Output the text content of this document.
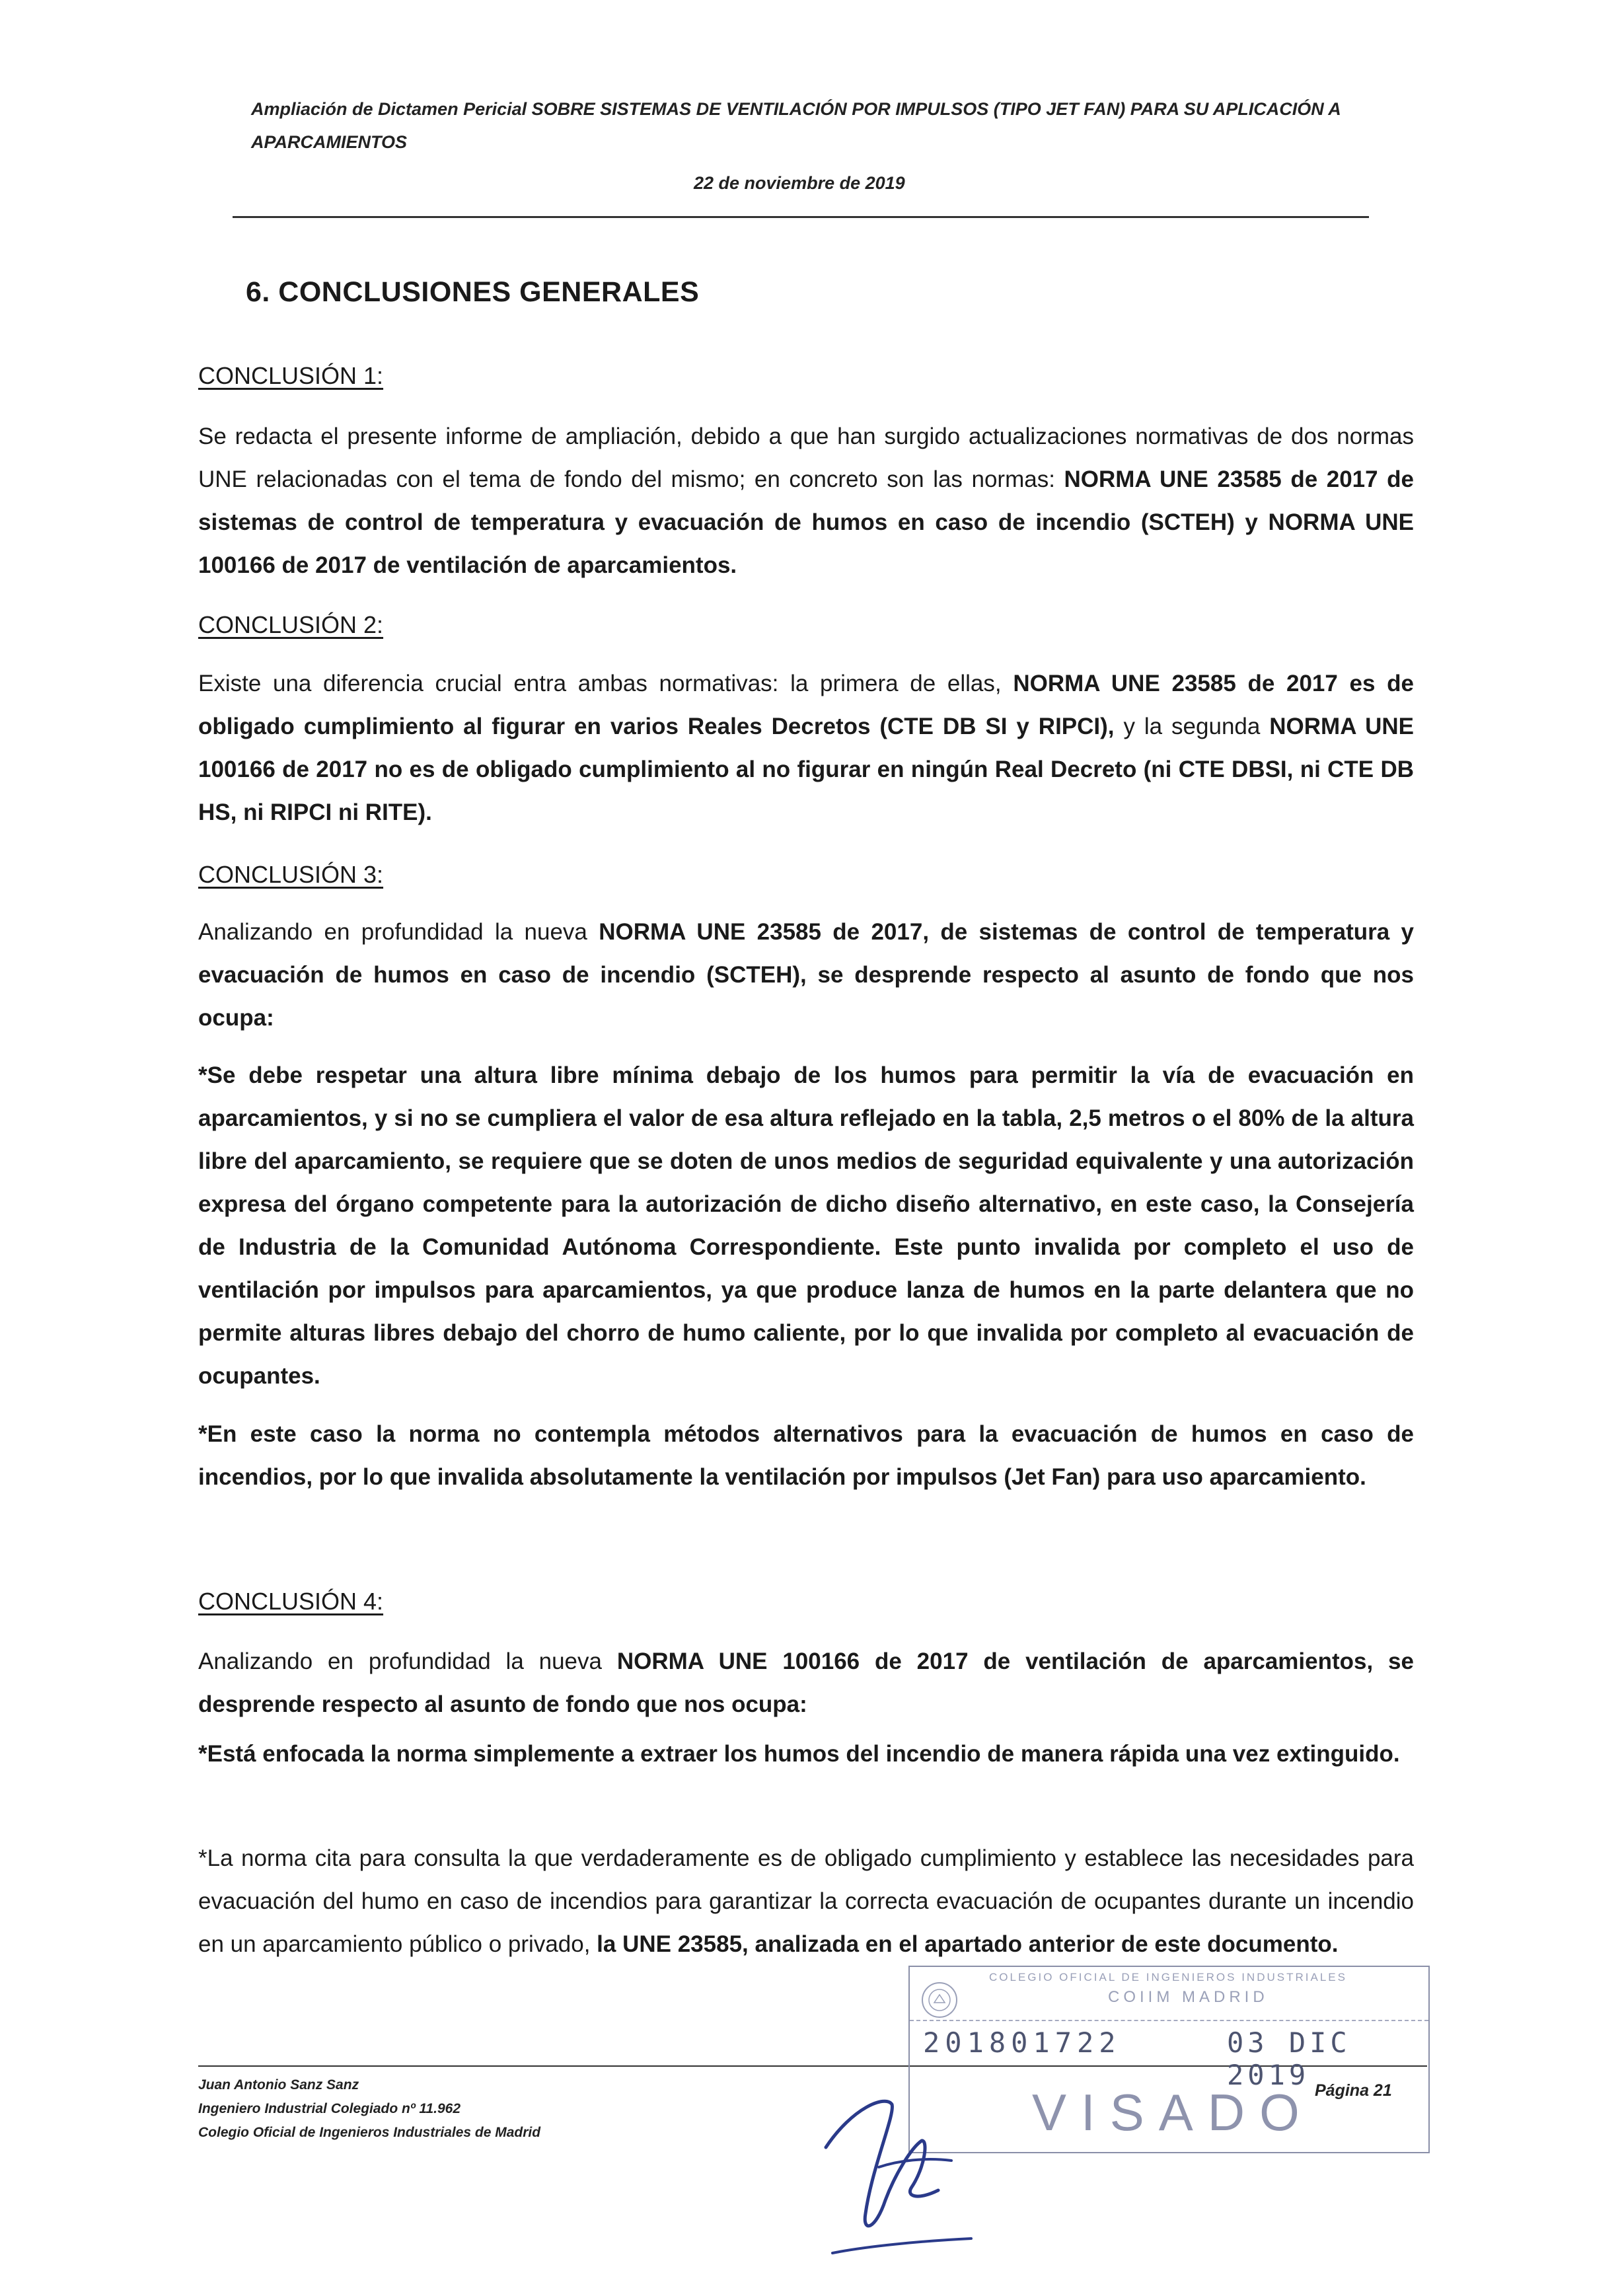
Ampliación de Dictamen Pericial SOBRE SISTEMAS DE VENTILACIÓN POR IMPULSOS (TIPO JET FAN) PARA SU APLICACIÓN A APARCAMIENTOS
22 de noviembre de 2019
6. CONCLUSIONES GENERALES
CONCLUSIÓN 1:
Se redacta el presente informe de ampliación, debido a que han surgido actualizaciones normativas de dos normas UNE relacionadas con el tema de fondo del mismo; en concreto son las normas: NORMA UNE 23585 de 2017 de sistemas de control de temperatura y evacuación de humos en caso de incendio (SCTEH) y NORMA UNE 100166 de 2017 de ventilación de aparcamientos.
CONCLUSIÓN 2:
Existe una diferencia crucial entra ambas normativas: la primera de ellas, NORMA UNE 23585 de 2017 es de obligado cumplimiento al figurar en varios Reales Decretos (CTE DB SI y RIPCI), y la segunda NORMA UNE 100166 de 2017 no es de obligado cumplimiento al no figurar en ningún Real Decreto (ni CTE DBSI, ni CTE DB HS, ni RIPCI ni RITE).
CONCLUSIÓN 3:
Analizando en profundidad la nueva NORMA UNE 23585 de 2017, de sistemas de control de temperatura y evacuación de humos en caso de incendio (SCTEH), se desprende respecto al asunto de fondo que nos ocupa:
*Se debe respetar una altura libre mínima debajo de los humos para permitir la vía de evacuación en aparcamientos, y si no se cumpliera el valor de esa altura reflejado en la tabla, 2,5 metros o el 80% de la altura libre del aparcamiento, se requiere que se doten de unos medios de seguridad equivalente y una autorización expresa del órgano competente para la autorización de dicho diseño alternativo, en este caso, la Consejería de Industria de la Comunidad Autónoma Correspondiente. Este punto invalida por completo el uso de ventilación por impulsos para aparcamientos, ya que produce lanza de humos en la parte delantera que no permite alturas libres debajo del chorro de humo caliente, por lo que invalida por completo al evacuación de ocupantes.
*En este caso la norma no contempla métodos alternativos para la evacuación de humos en caso de incendios, por lo que invalida absolutamente la ventilación por impulsos (Jet Fan) para uso aparcamiento.
CONCLUSIÓN 4:
Analizando en profundidad la nueva NORMA UNE 100166 de 2017 de ventilación de aparcamientos, se desprende respecto al asunto de fondo que nos ocupa:
*Está enfocada la norma simplemente a extraer los humos del incendio de manera rápida una vez extinguido.
*La norma cita para consulta la que verdaderamente es de obligado cumplimiento y establece las necesidades para evacuación del humo en caso de incendios para garantizar la correcta evacuación de ocupantes durante un incendio en un aparcamiento público o privado, la UNE 23585, analizada en el apartado anterior de este documento.
Juan Antonio Sanz Sanz
Ingeniero Industrial Colegiado nº 11.962
Colegio Oficial de Ingenieros Industriales de Madrid
COLEGIO OFICIAL DE INGENIEROS INDUSTRIALES
COIIM MADRID
201801722	03 DIC 2019
VISADO Página 21
